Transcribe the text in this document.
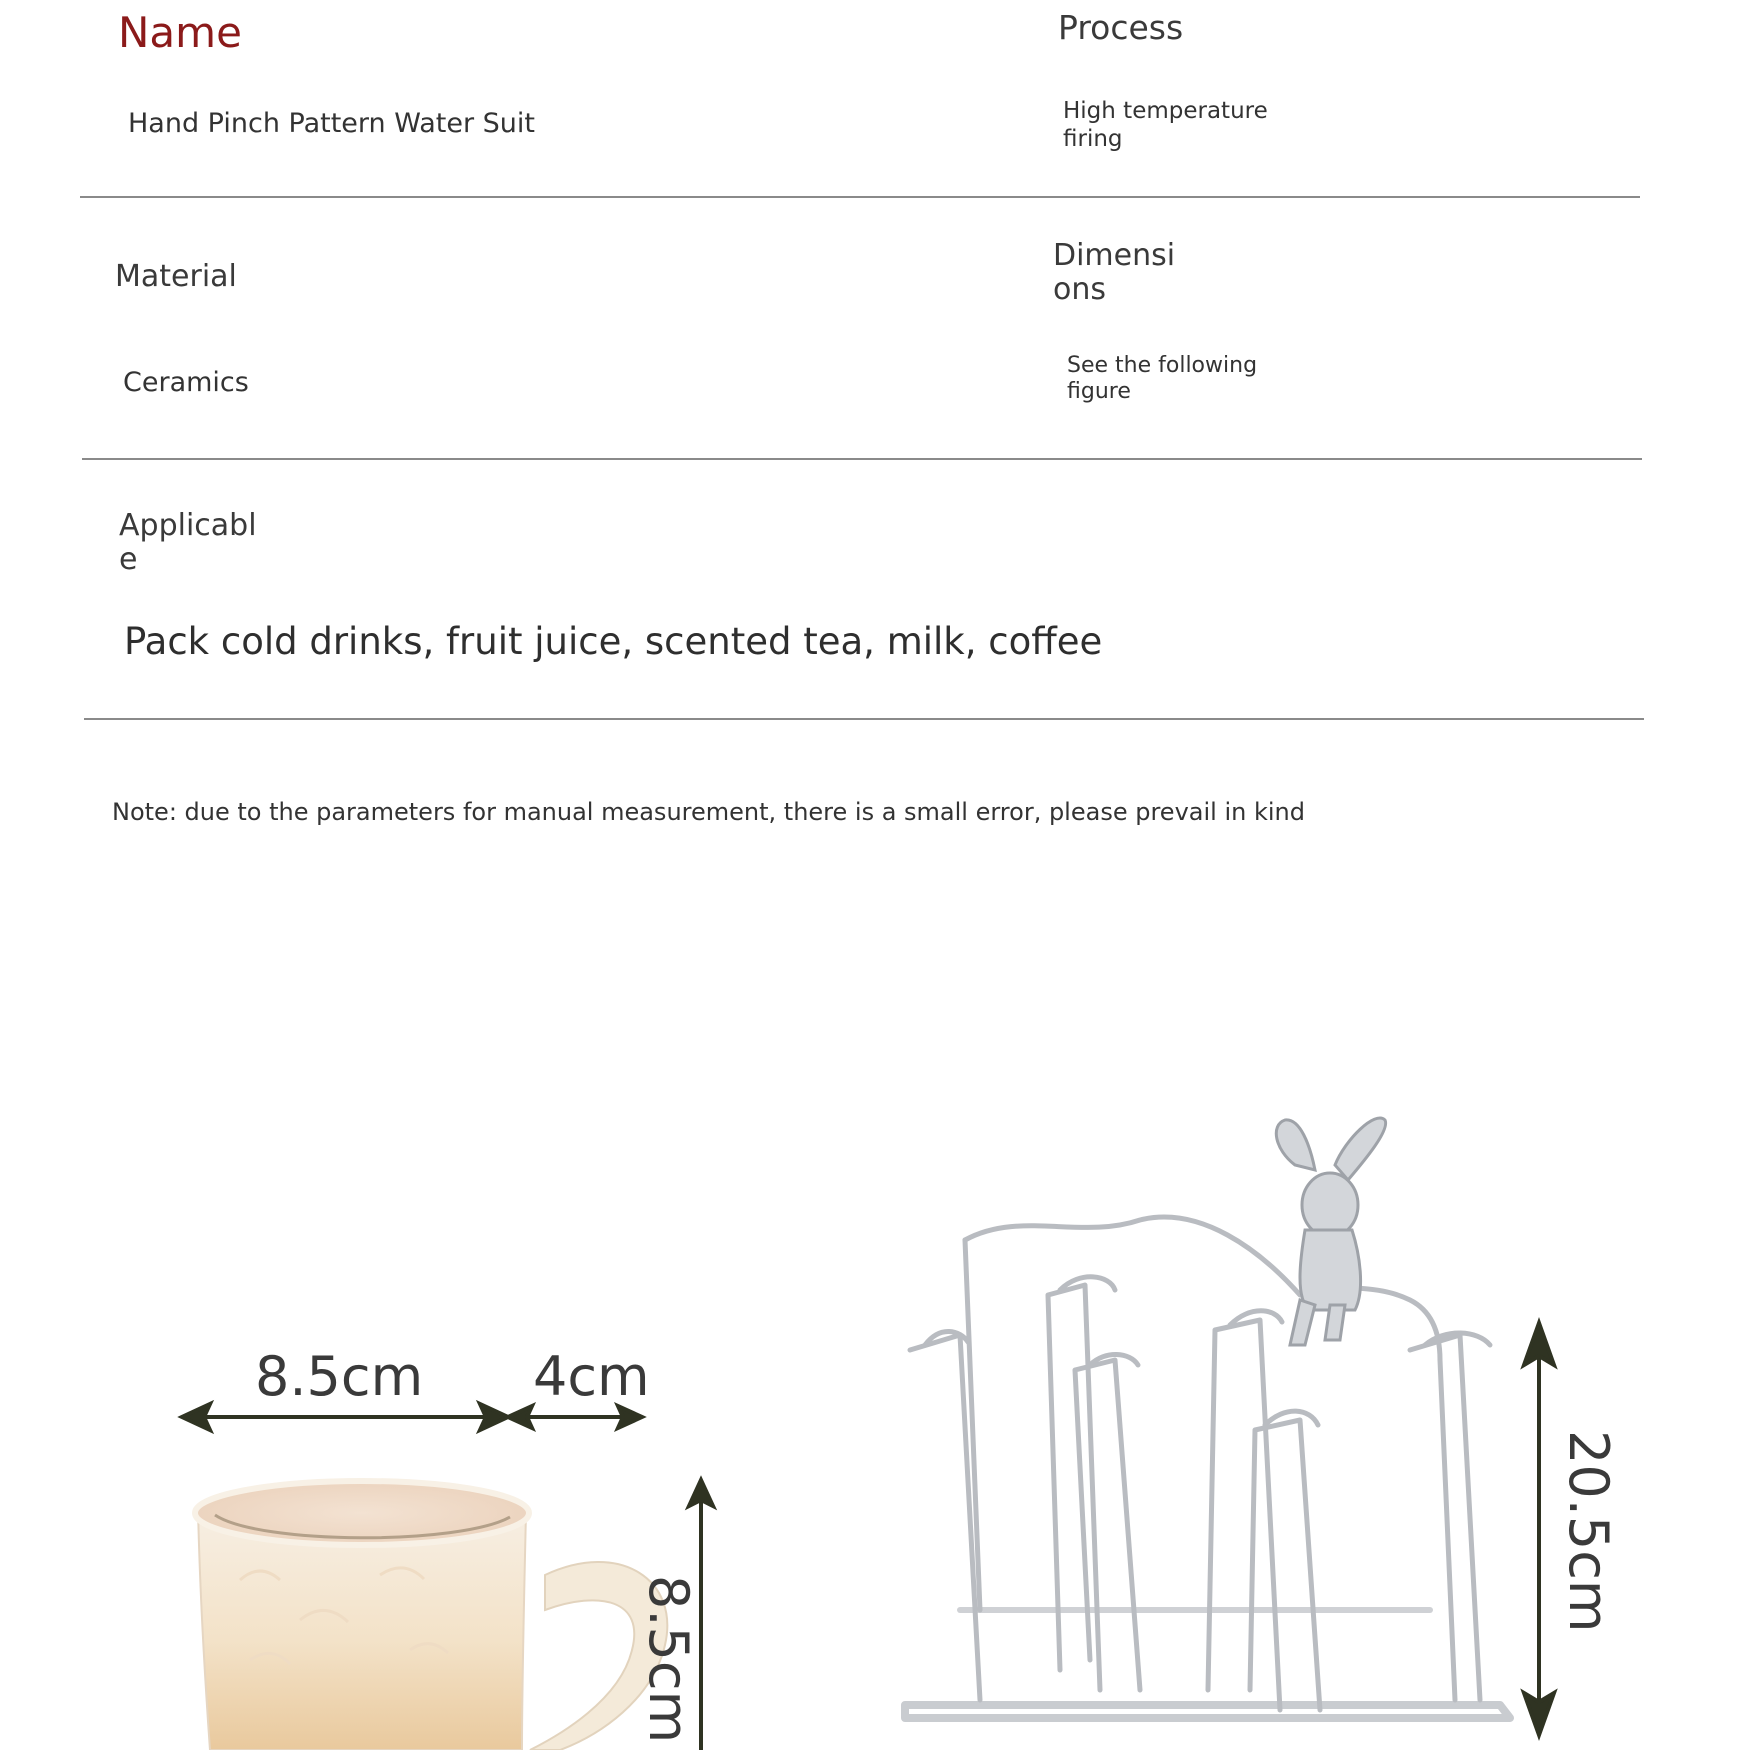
Name
Hand Pinch Pattern Water Suit
Process
High temperature firing
Material
Dimensions
Ceramics
See the following figure
Applicable
Pack cold drinks, fruit juice, scented tea, milk, coffee
Note: due to the parameters for manual measurement, there is a small error, please prevail in kind
8.5cm 4cm
8.5cm
20.5cm
